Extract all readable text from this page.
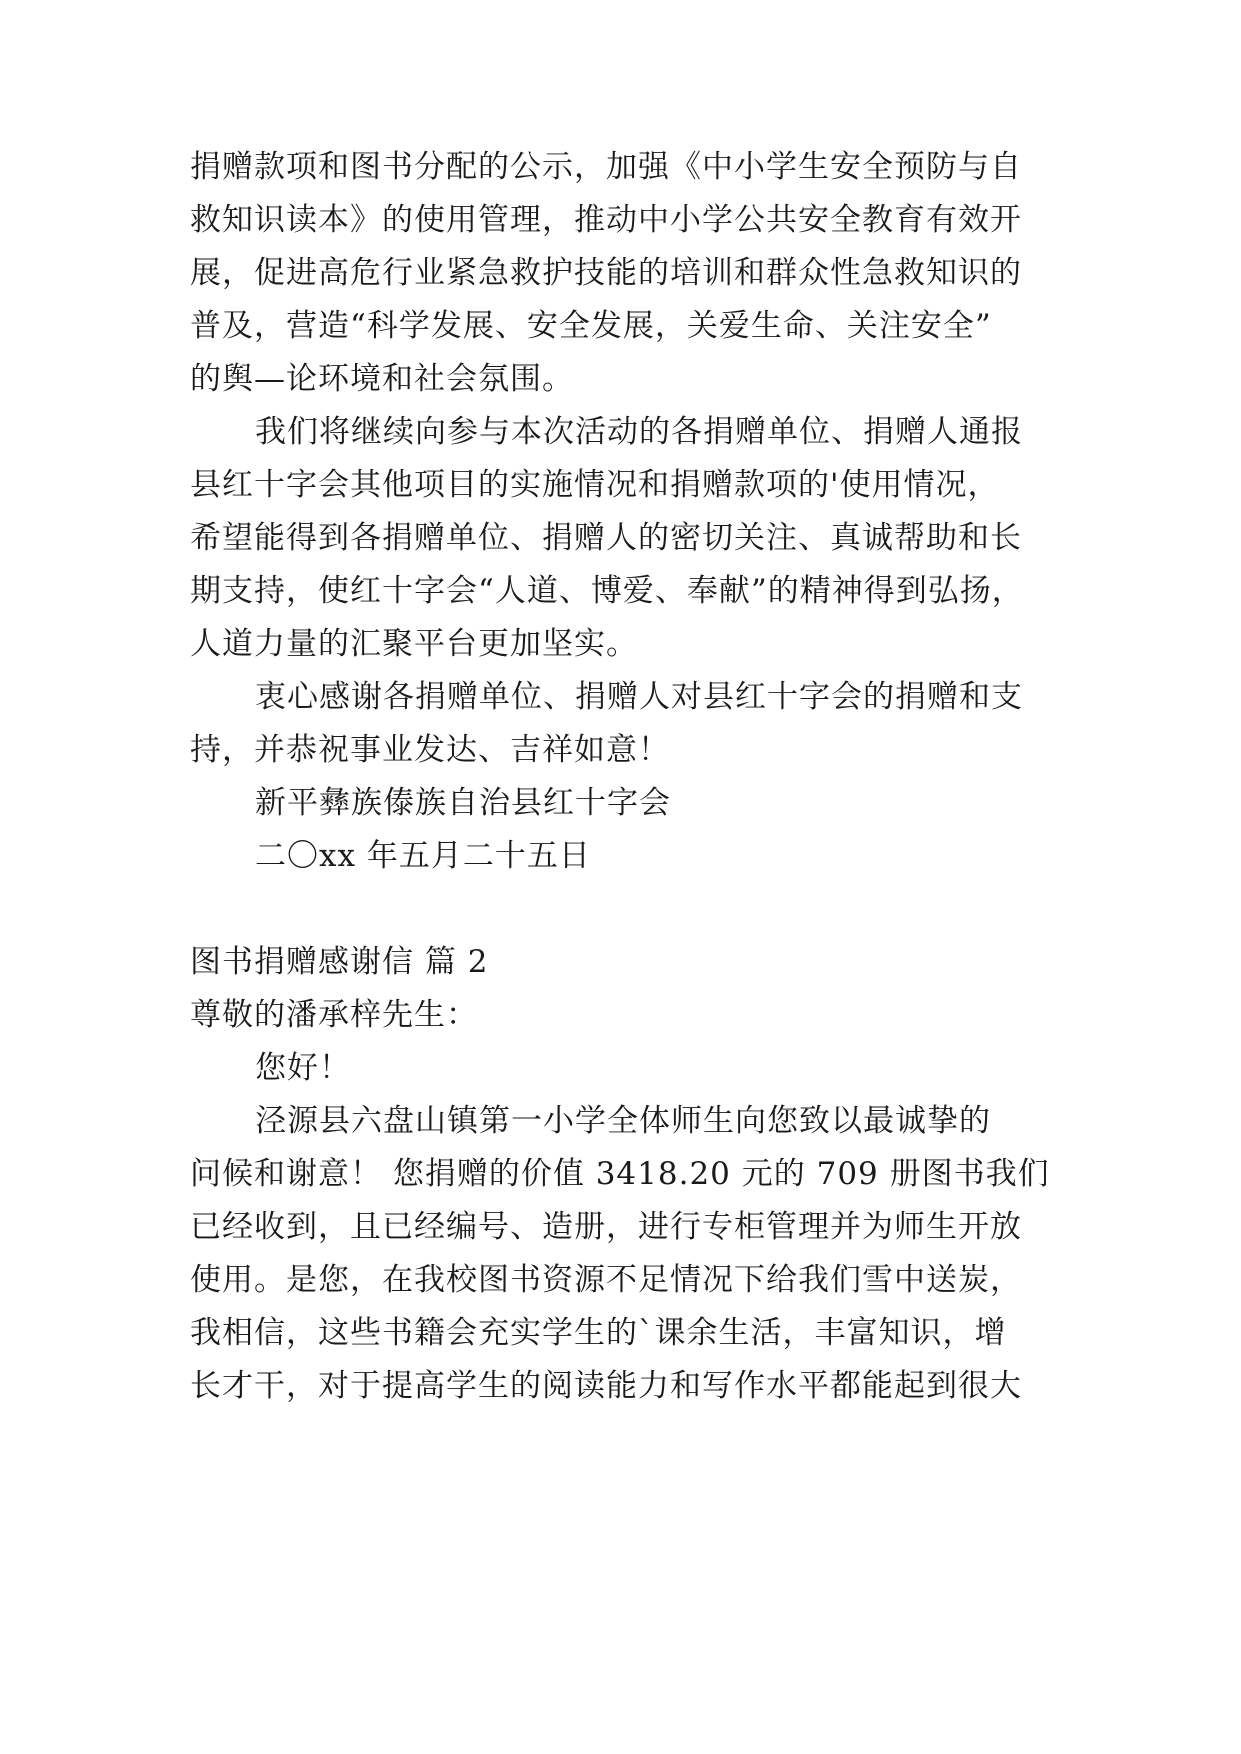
捐赠款项和图书分配的公示，加强《中小学生安全预防与自
救知识读本》的使用管理，推动中小学公共安全教育有效开
展，促进高危行业紧急救护技能的培训和群众性急救知识的
普及，营造“科学发展、安全发展，关爱生命、关注安全”
的舆—论环境和社会氛围。
我们将继续向参与本次活动的各捐赠单位、捐赠人通报
县红十字会其他项目的实施情况和捐赠款项的'使用情况，
希望能得到各捐赠单位、捐赠人的密切关注、真诚帮助和长
期支持，使红十字会“人道、博爱、奉献”的精神得到弘扬，
人道力量的汇聚平台更加坚实。
衷心感谢各捐赠单位、捐赠人对县红十字会的捐赠和支
持，并恭祝事业发达、吉祥如意！
新平彝族傣族自治县红十字会
二〇xx 年五月二十五日
图书捐赠感谢信 篇 2
尊敬的潘承梓先生：
您好！
泾源县六盘山镇第一小学全体师生向您致以最诚挚的
问候和谢意！ 您捐赠的价值 3418.20 元的 709 册图书我们
已经收到，且已经编号、造册，进行专柜管理并为师生开放
使用。是您，在我校图书资源不足情况下给我们雪中送炭，
我相信，这些书籍会充实学生的`课余生活，丰富知识，增
长才干，对于提高学生的阅读能力和写作水平都能起到很大
